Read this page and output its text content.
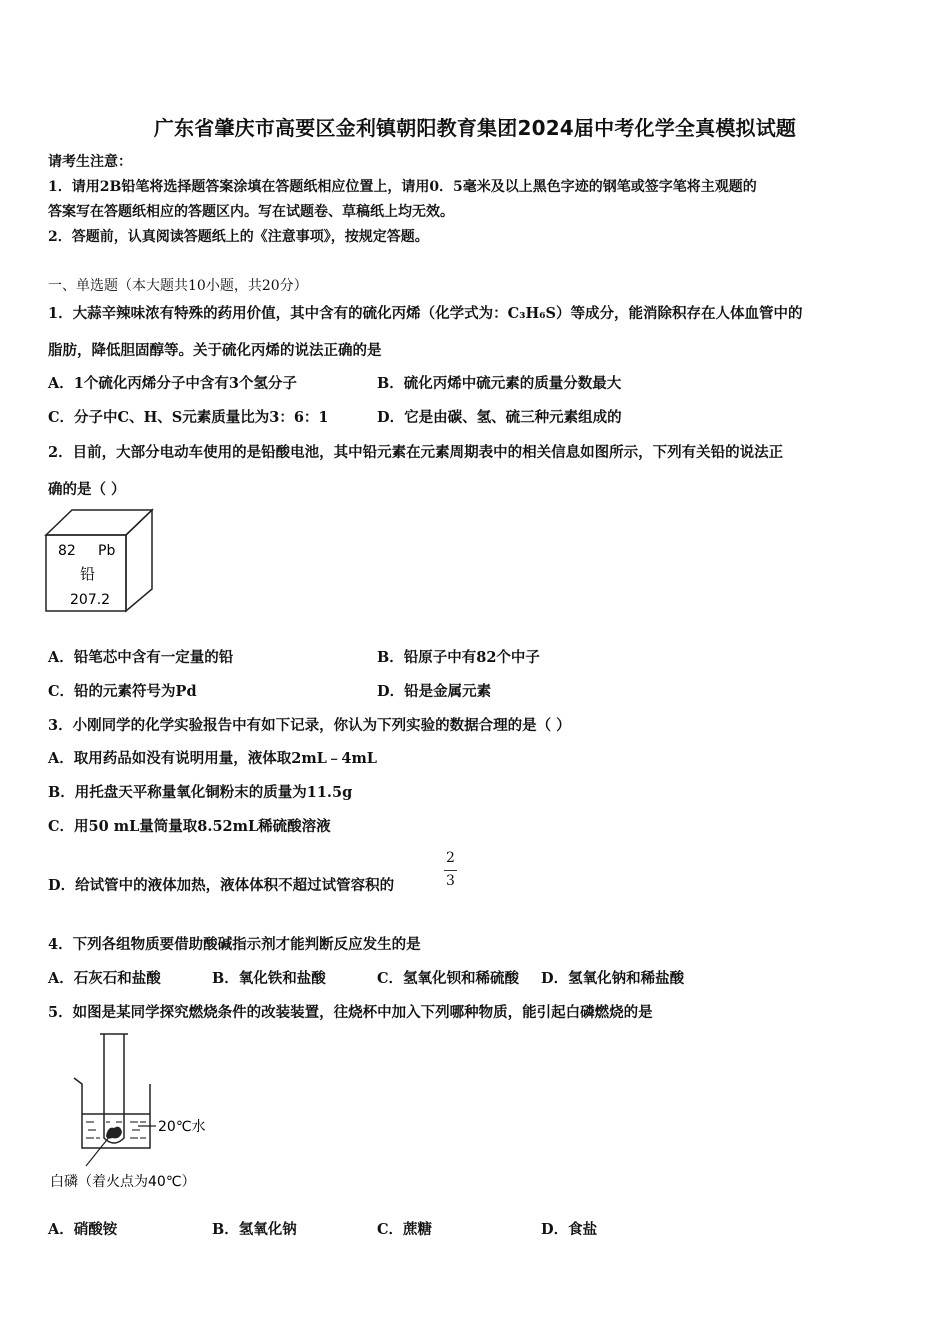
广东省肇庆市高要区金利镇朝阳教育集团2024届中考化学全真模拟试题
请考生注意：
1．请用2B铅笔将选择题答案涂填在答题纸相应位置上，请用0．5毫米及以上黑色字迹的钢笔或签字笔将主观题的
答案写在答题纸相应的答题区内。写在试题卷、草稿纸上均无效。
2．答题前，认真阅读答题纸上的《注意事项》，按规定答题。
一、单选题（本大题共10小题，共20分）
1．大蒜辛辣味浓有特殊的药用价值，其中含有的硫化丙烯（化学式为：C₃H₆S）等成分，能消除积存在人体血管中的
脂肪，降低胆固醇等。关于硫化丙烯的说法正确的是
A．1个硫化丙烯分子中含有3个氢分子	B．硫化丙烯中硫元素的质量分数最大
C．分子中C、H、S元素质量比为3：6：1	D．它是由碳、氢、硫三种元素组成的
2．目前，大部分电动车使用的是铅酸电池，其中铅元素在元素周期表中的相关信息如图所示，下列有关铅的说法正
确的是（ ）
82 Pb
铅
207.2
A．铅笔芯中含有一定量的铅	B．铅原子中有82个中子
C．铅的元素符号为Pd	D．铅是金属元素
3．小刚同学的化学实验报告中有如下记录，你认为下列实验的数据合理的是（ ）
A．取用药品如没有说明用量，液体取2mL﹣4mL
B．用托盘天平称量氧化铜粉末的质量为11.5g
C．用50 mL量筒量取8.52mL稀硫酸溶液
D．给试管中的液体加热，液体体积不超过试管容积的
2
3
4．下列各组物质要借助酸碱指示剂才能判断反应发生的是
A．石灰石和盐酸	B．氧化铁和盐酸	C．氢氧化钡和稀硫酸 D．氢氧化钠和稀盐酸
5．如图是某同学探究燃烧条件的改装装置，往烧杯中加入下列哪种物质，能引起白磷燃烧的是
20℃水
白磷（着火点为40℃）
A．硝酸铵	B．氢氧化钠	C．蔗糖	D．食盐
